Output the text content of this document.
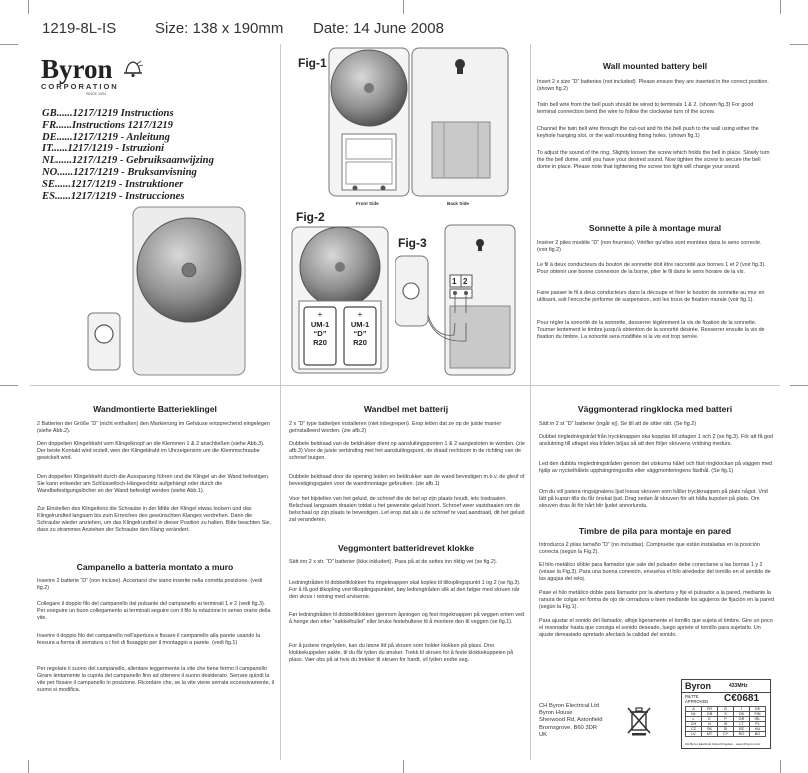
1219-8L-IS	Size: 138 x 190mm Date: 14 June 2008
Byron
CORPORATION
SINCE 1904
GB......1217/1219 Instructions
FR......Instructions 1217/1219
DE......1217/1219 - Anleitung
IT......1217/1219 - Istruzioni
NL......1217/1219 - Gebruiksaanwijzing
NO......1217/1219 - Bruksanvisning
SE......1217/1219 - Instruktioner
ES......1217/1219 - Instrucciones
Fig-1
Front Side	Back Side
Fig-2
+	+
UM-1
“D”
R20
UM-1
“D”
R20
Fig-3
1 2
Wall mounted battery bell

Insert 2 x size “D” batteries (not included). Please ensure they are inserted in the correct position. (shown fig.2)

Twin bell wire from the bell push should be wired to terminals 1 & 2. (shown fig.3) For good terminal connection bend the wire to follow the clockwise turn of the screw.

Channel the twin bell wire through the cut-out and fix the bell push to the wall using either the keyhole hanging slot, or the wall mounting fixing holes. (shown fig.1)

To adjust the sound of the ring, Slightly loosen the screw which holds the bell in place. Slowly turn the the bell dome, until you have your desired sound. Now tighten the screw to secure the bell dome in place. Please note that tightening the screw too tight will change your sound.

Sonnette à pile à montage mural

Insérer 2 piles modèle “D” (non fournies). Vérifier qu'elles sont montées dans le sens correcte. (voir fig.2)

Le fil à deux conducteurs du bouton de sonnette doit être raccordé aux bornes 1 et 2 (voir fig.3). Pour obtenir une bonne connexion de la borne, plier le fil dans le sens horaire de la vis.

Faire passer le fil à deux conducteurs dans la découpe et fixer le bouton de sonnette au mur en utilisant, soit l'encoche piriforme de suspension, soit les trous de fixation murale (voir fig.1).

Pour régler la sonorité de la sonnette, desserrer légèrement la vis de fixation de la sonnette. Tourner lentement le timbre jusqu'à obtention de la sonorité désirée. Resserrer ensuite la vis de fixation du timbre. La sonorité sera modifiée si la vis est trop serrée.

Wandmontierte Batterieklingel

2 Batterien der Größe “D” (nicht enthalten) den Markierung im Gehäuse entsprechend eingelegen (siehe Abb.2).

Den doppelten Klingeldraht vom Klingelknopf an die Klemmen 1 & 2 anschließen (siehe Abb.3). Der beste Kontakt wird erzielt, wen der Klingeldraht im Uhrzeigersinn um die Klemmschraube gewickelt wird.

Den doppelten Klingeldraht durch die Aussparung führen und die Klingel an der Wand befestigen. Sie kann entweder am Schlüsselloch-Hängeschlitz aufgehängt oder durch die Wandbefestigungslöcher an der Wand befestigt werden (siehe Abb.1).

Zur Einstellen des Klingeltons die Schraube in der Mitte der Klingel etwas lockern und das Klingelrundteil langsam bis zum Erreichen des gewünschten Klanges verdrehen. Dann die Schraube wieder anziehen, um das Klingelrundteil in dieser Position zu halten. Bitte beachten Sie, dass zu strammes Anziehen der Schraube den Klang verändert.

Campanello a batteria montato a muro

Inserire 2 batterie “D” (non incluse). Accertarsi che siano inserite nella corretta posizione. (vedi fig.2)

Collegare il doppio filo del campanello dal pulsante del campanello ai terminali 1 e 2 (vedi fig.3). Per eseguire un buon collegamento ai terminali seguire con il filo la rotazione in senso orario della vite.

Inserire il doppio filo del campanello nell'apertura e fissare il campanello alla parete usando la fessura a forma di serratura o i fori di fissaggio per il montaggio a parete. (vedi fig.1)

Per regolare il suono del campanello, allentare leggermente la vite che tiene fermo il campanello Girare lentamente la cupola del campanello fino ad ottenere il suono desiderato. Serrare quindi la vite per fissare il campanello in posizione. Ricordare che, se la vite viene serrata eccessivamente, il suono si modifica.

Wandbel met batterij

2 x “D” type batterijen installeren (niet inbegrepen). Erop letten dat ze op de juiste manier geïnstalleerd worden. (zie afb.2)

Dubbele beldraad van de beldrukker dient op aansluitingspunten 1 & 2 aangesloten te worden. (zie afb.3) Voor de juiste verbinding met het aansluitingspunt, de draad rechtsom in de richting van de schroef buigen.

Dubbele beldraad door de opening leiden en beldrukker aan de wand bevestigen m.b.v. de gleuf of bevestigingsgaten voor de wandmontage gebruiken. (zie afb.1)

Voor het bijstellen van het geluid, de schroef die de bel op zijn plaats houdt, iets losdraaien. Belschaal langzaam draaien totdat u het gewenste geluid hoort. Schroef weer vastdraaien om de belschaal op zijn plaats te bevestigen. Let erop dat als u de schroef te vast aandraait, dit het geluid zal veranderen.

Veggmontert batteridrevet klokke

Sätt inn 2 x str. “D” batterier (ikke inkludert). Pass på at de settes inn riktig vei (se fig.2).

Ledningtråden til dobbeltklokken fra ringeknappen skal koples til tilkoplingspunkt 1 og 2 (se fig.3). For å få god tilkopling ved tilkoplingspunktet, bøy ledningtråden slik at den følger med skruen når den skrus i retning med urviserne.

Før ledningtråden til dobbeltklokken gjennom åpningen og fest ringeknappen på veggen enten ved å henge den etter “nøkkelhullet” eller bruke festehullene til å montere den til veggen (se fig.1).

For å justere ringelyden, kan du løsne litt på skruen som holder klokken på plass. Drei klokkekuppelen sakte, til du får lyden du ønsker. Trekk til skruen for å feste klokkekuppelen på plass. Vær obs på at hvis du trekker til skruen for hardt, vil lyden endre seg.

Väggmonterad ringklocka med batteri

Sätt in 2 st “D” batterier (ingår ej). Se till att de sitter rätt. (Se fig.2)

Dubbel ringledningstråd från tryckknappen ska kopplas till uttagen 1 och 2 (se fig.3). För att få god anslutning till uttaget ska tråden böjas så att den följer skruvens vridning medurs.

Led den dubbla ringledningstråden genom det utskurna hålet och fäst ringklockan på väggen med hjälp av nyckelhålets upphängningsslits eller väggmonteringens fästhål. (Se fig.1)

Om du vill justera ringsignalens ljud lossar skruven som håller tryckknappen på plats något. Vrid lätt på kupan tills du får önskat ljud. Drag sedan åt skruven för att hålla kupolen på plats. Om skruven dras åt för hårt blir ljudet annorlunda.

Timbre de pila para montaje en pared

Introduzca 2 pilas tamaño “D” (no incluidas). Compruebe que están instaladas en la posición correcta (según la Fig.2).

El hilo metálico doble para llamador que sale del pulsador debe conectarse a las bornas 1 y 2 (véase la Fig.3). Para una buena conexión, envuelva el hilo alrededor del tornillo en el sentido de las agujas del reloj.

Pase el hilo metálico doble para llamador por la abertura y fije el pulsador a la pared, mediante la ranura de colgar en forma de ojo de cerradura o bien mediante los agujeros de fijación en la pared (según la Fig.1).

Para ajustar el sonido del llamador, afloje ligeramente el tornillo que sujeta el timbre. Gire un poco el resonador hasta que consiga el sonido deseado, luego apriete el tornillo para sujetarlo. Un ajuste demasiado apretado afectará la calidad del sonido.

CH Byron Electrical Ltd
Byron House
Sherwood Rd, Astonfield
Bromsgrove, B60 3DR
UK
Byron	433MHz
R&TTE
APPROVED C€0681
A	FR	B	I	DE
NL	GB	S	DK	FIN
L	E	P	GR	IRL
CH	N	IS	LT	PL
CZ	SK	SI	EE	HU
LV	MT	CY	RO	BG
CH Byron Electrical United Kingdom - www.chbyron.com
